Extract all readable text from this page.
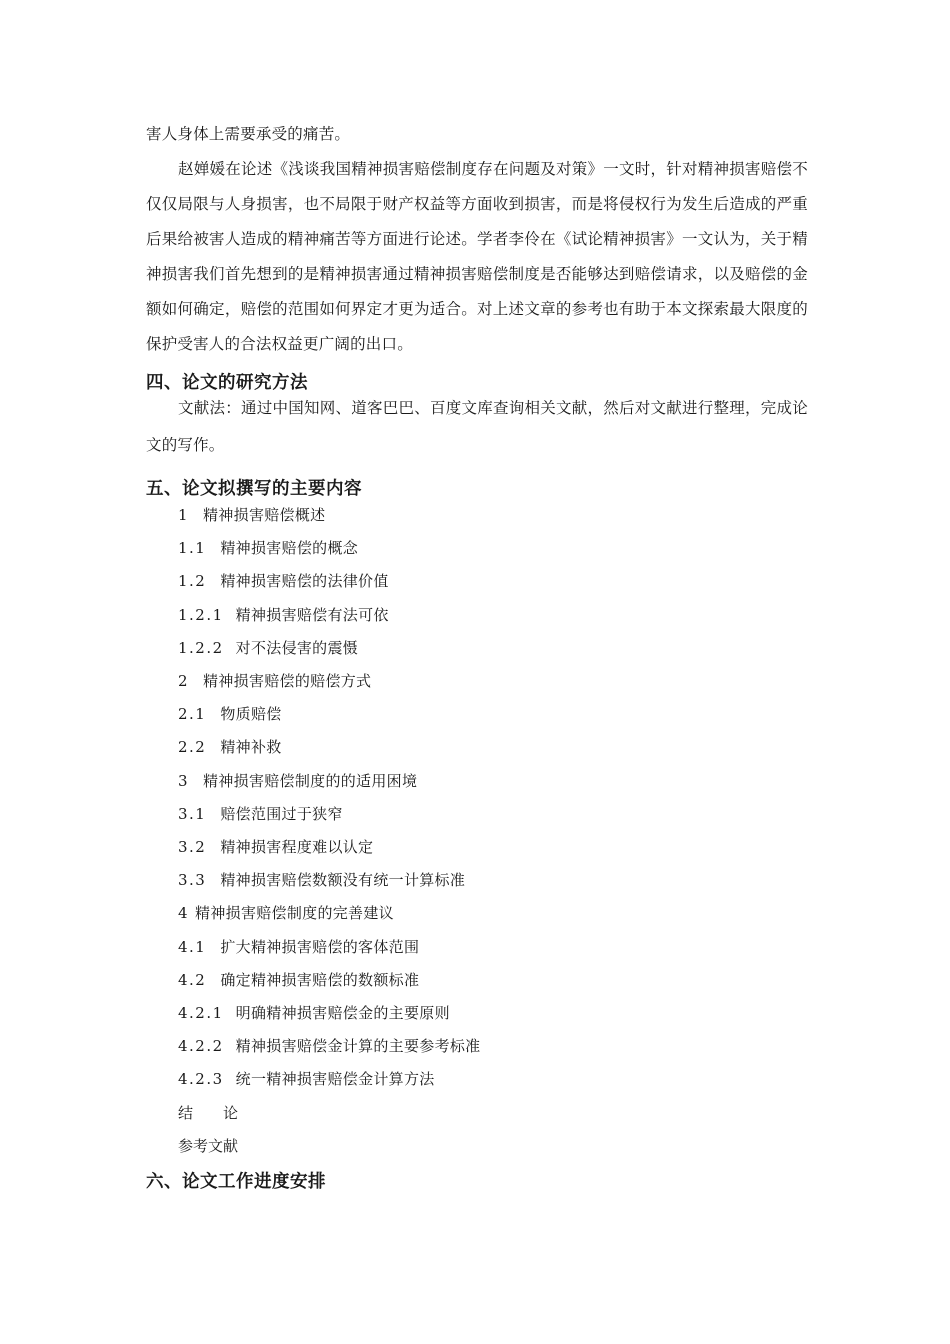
害人身体上需要承受的痛苦。

赵婵媛在论述《浅谈我国精神损害赔偿制度存在问题及对策》一文时，针对精神损害赔偿不仅仅局限与人身损害，也不局限于财产权益等方面收到损害，而是将侵权行为发生后造成的严重后果给被害人造成的精神痛苦等方面进行论述。学者李伶在《试论精神损害》一文认为，关于精神损害我们首先想到的是精神损害通过精神损害赔偿制度是否能够达到赔偿请求，以及赔偿的金额如何确定，赔偿的范围如何界定才更为适合。对上述文章的参考也有助于本文探索最大限度的保护受害人的合法权益更广阔的出口。

四、论文的研究方法

文献法：通过中国知网、道客巴巴、百度文库查询相关文献，然后对文献进行整理，完成论文的写作。

五、论文拟撰写的主要内容
1 精神损害赔偿概述
1.1 精神损害赔偿的概念
1.2 精神损害赔偿的法律价值
1.2.1 精神损害赔偿有法可依
1.2.2 对不法侵害的震慑
2 精神损害赔偿的赔偿方式
2.1 物质赔偿
2.2 精神补救
3 精神损害赔偿制度的的适用困境
3.1 赔偿范围过于狭窄
3.2 精神损害程度难以认定
3.3 精神损害赔偿数额没有统一计算标准
4 精神损害赔偿制度的完善建议
4.1 扩大精神损害赔偿的客体范围
4.2 确定精神损害赔偿的数额标准
4.2.1 明确精神损害赔偿金的主要原则
4.2.2 精神损害赔偿金计算的主要参考标准
4.2.3 统一精神损害赔偿金计算方法
结　　论
参考文献
六、论文工作进度安排
